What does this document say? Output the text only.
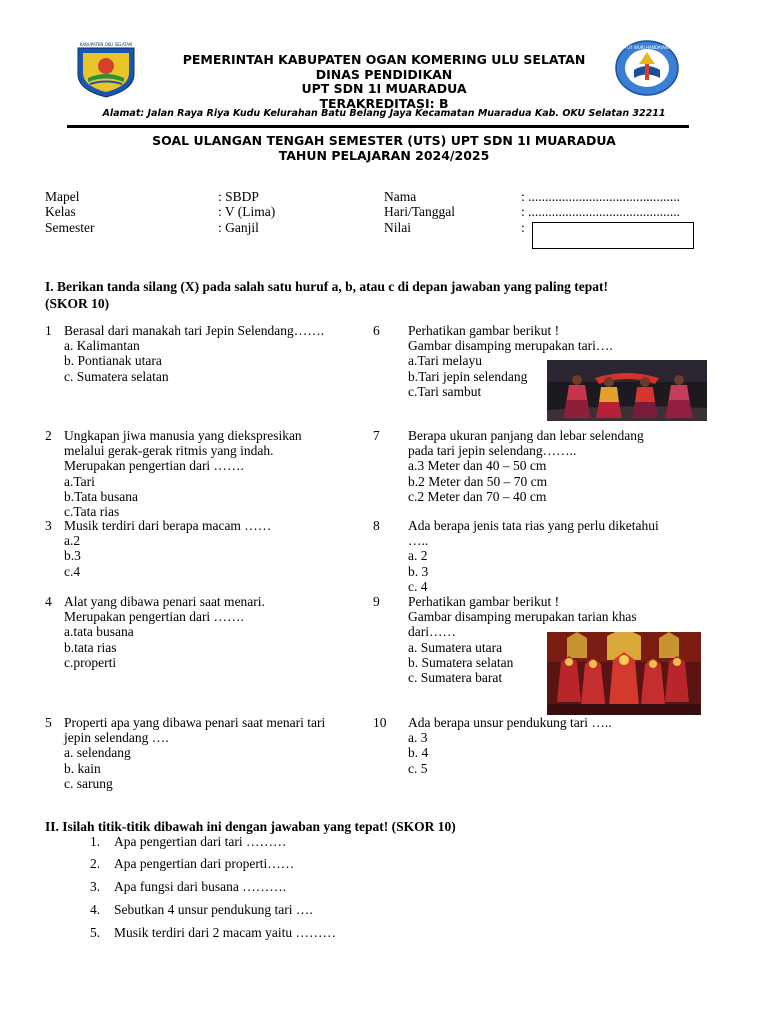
KABUPATEN OKU SELATAN
PEMERINTAH KABUPATEN OGAN KOMERING ULU SELATAN
DINAS PENDIDIKAN
UPT SDN 1I MUARADUA
TERAKREDITASI: B
TUT WURI HANDAYANI
Alamat: Jalan Raya Riya Kudu Kelurahan Batu Belang Jaya Kecamatan Muaradua Kab. OKU Selatan 32211
SOAL ULANGAN TENGAH SEMESTER (UTS) UPT SDN 1I MUARADUA
TAHUN PELAJARAN 2024/2025
Mapel	: SBDP
Kelas	: V (Lima)
Semester	: Ganjil
Nama	: .............................................
Hari/Tanggal	: .............................................
Nilai	:
I. Berikan tanda silang (X) pada salah satu huruf a, b, atau c di depan jawaban yang paling tepat!
(SKOR 10)
1 Berasal dari manakah tari Jepin Selendang…….
a. Kalimantan
b. Pontianak utara
c. Sumatera selatan
2 Ungkapan jiwa manusia yang diekspresikan
melalui gerak-gerak ritmis yang indah.
Merupakan pengertian dari …….
a.Tari
b.Tata busana
c.Tata rias
3 Musik terdiri dari berapa macam ……
a.2
b.3
c.4
4 Alat yang dibawa penari saat menari.
Merupakan pengertian dari …….
a.tata busana
b.tata rias
c.properti
5 Properti apa yang dibawa penari saat menari tari
jepin selendang ….
a. selendang
b. kain
c. sarung
6 Perhatikan gambar berikut !
Gambar disamping merupakan tari….
a.Tari melayu
b.Tari jepin selendang
c.Tari sambut
7 Berapa ukuran panjang dan lebar selendang
pada tari jepin selendang……..
a.3 Meter dan 40 – 50 cm
b.2 Meter dan 50 – 70 cm
c.2 Meter dan 70 – 40 cm
8 Ada berapa jenis tata rias yang perlu diketahui
…..
a. 2
b. 3
c. 4
9 Perhatikan gambar berikut !
Gambar disamping merupakan tarian khas
dari……
a. Sumatera utara
b. Sumatera selatan
c. Sumatera barat
10 Ada berapa unsur pendukung tari …..
a. 3
b. 4
c. 5
II. Isilah titik-titik dibawah ini dengan jawaban yang tepat! (SKOR 10)
1. Apa pengertian dari tari ………
2. Apa pengertian dari properti……
3. Apa fungsi dari busana ……….
4. Sebutkan 4 unsur pendukung tari ….
5. Musik terdiri dari 2 macam yaitu ………
